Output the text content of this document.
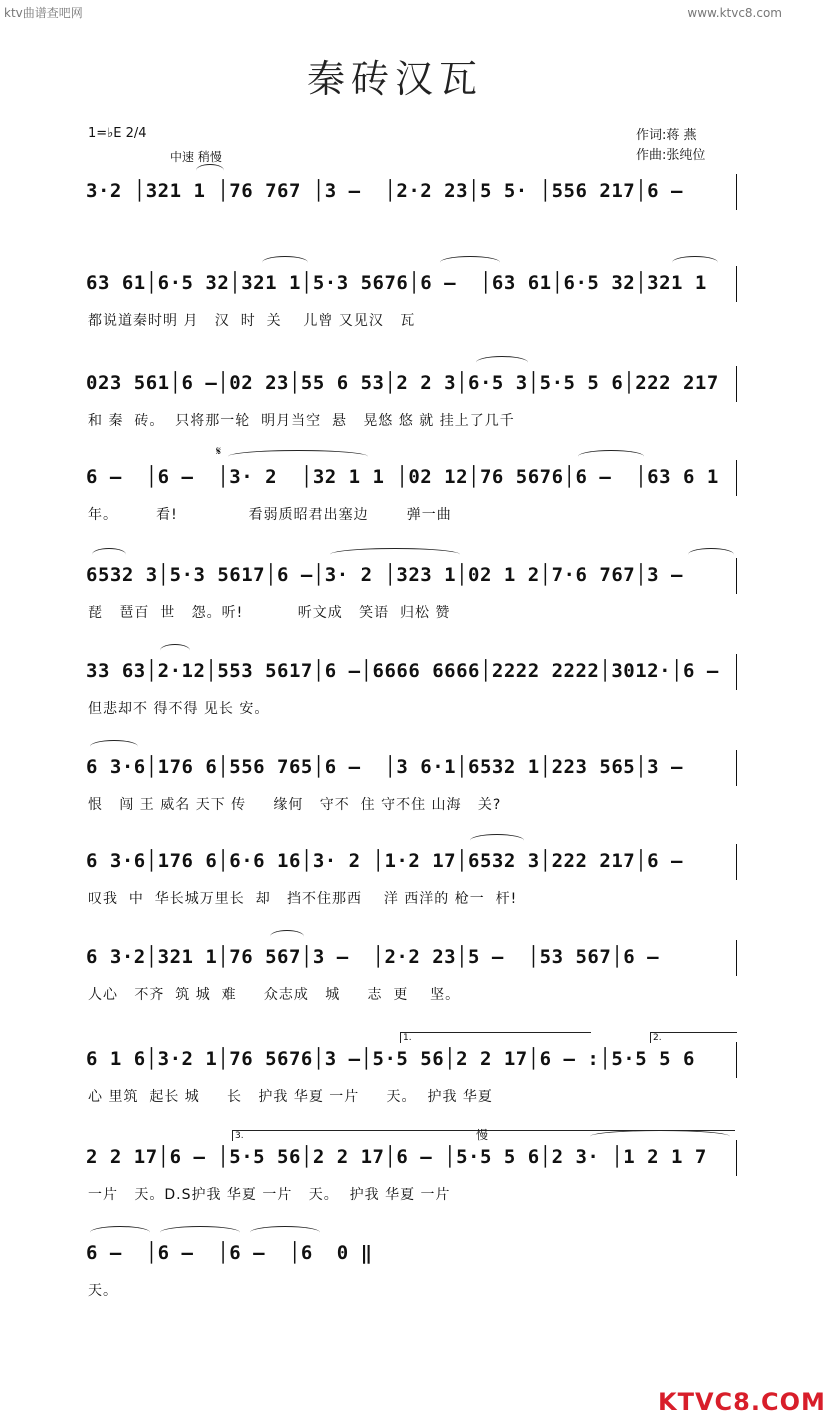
ktv曲谱查吧网	www.ktvc8.com
秦砖汉瓦
1=♭E 2/4
中速 稍慢
作词:蒋 燕
作曲:张纯位
3·2 │321 1 │76 767 │3 –  │2·2 23│5 5· │556 217│6 –
63 61│6·5 32│321 1│5·3 5676│6 –  │63 61│6·5 32│321 1
都说道秦时明 月   汉  时  关    儿曾 又见汉   瓦
023 561│6 –│02 23│55 6 53│2 2 3│6·5 3│5·5 5 6│222 217
和 秦  砖。  只将那一轮  明月当空  悬   晃悠 悠 就 挂上了几千
6 –  │6 –  │3· 2  │32 1 1 │02 12│76 5676│6 –  │63 6 1
年。       看!             看弱质昭君出塞边       弹一曲
𝄋
6532 3│5·3 5617│6 –│3· 2 │323 1│02 1 2│7·6 767│3 –
琵   琶百  世   怨。听!          听文成   笑语  归松 赞
33 63│2·12│553 5617│6 –│6666 6666│2222 2222│3012·│6 –
但悲却不 得不得 见长 安。
6 3·6│176 6│556 765│6 –  │3 6·1│6532 1│223 565│3 –
恨   闯 王 威名 天下 传     缘何   守不  住 守不住 山海   关?
6 3·6│176 6│6·6 16│3· 2 │1·2 17│6532 3│222 217│6 –
叹我  中  华长城万里长  却   挡不住那西    洋 西洋的 枪一  杆!
6 3·2│321 1│76 567│3 –  │2·2 23│5 –  │53 567│6 –
人心   不齐  筑 城  难     众志成   城     志  更    坚。
1.	2.
6 1 6│3·2 1│76 5676│3 –│5·5 56│2 2 17│6 – :│5·5 5 6
心 里筑  起长 城     长   护我 华夏 一片     天。  护我 华夏
3.	慢
2 2 17│6 – │5·5 56│2 2 17│6 – │5·5 5 6│2 3· │1 2 1 7
一片   天。D.S护我 华夏 一片   天。  护我 华夏 一片
6 –  │6 –  │6 –  │6  0 ‖
天。
KTVC8.COM
